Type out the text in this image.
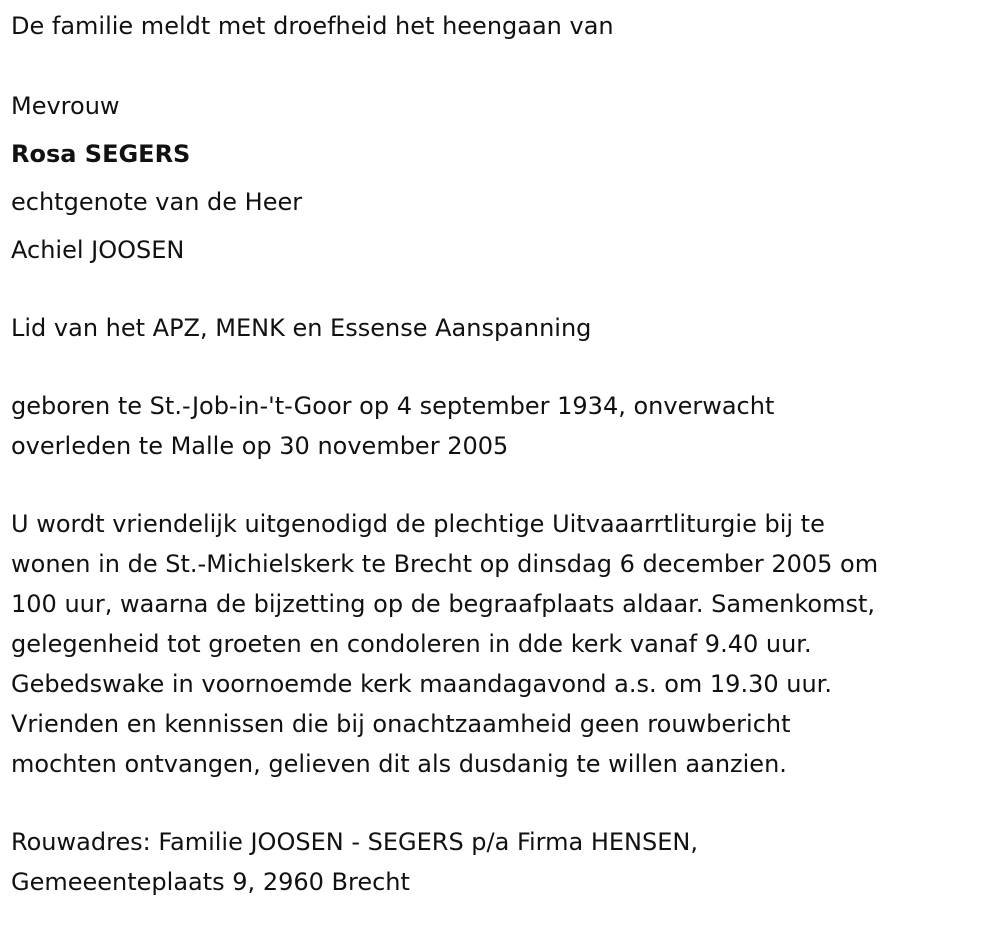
De familie meldt met droefheid het heengaan van
Mevrouw
Rosa SEGERS
echtgenote van de Heer
Achiel JOOSEN
Lid van het APZ, MENK en Essense Aanspanning
geboren te St.-Job-in-'t-Goor op 4 september 1934, onverwacht
overleden te Malle op 30 november 2005
U wordt vriendelijk uitgenodigd de plechtige Uitvaaarrtliturgie bij te
wonen in de St.-Michielskerk te Brecht op dinsdag 6 december 2005 om
100 uur, waarna de bijzetting op de begraafplaats aldaar. Samenkomst,
gelegenheid tot groeten en condoleren in dde kerk vanaf 9.40 uur.
Gebedswake in voornoemde kerk maandagavond a.s. om 19.30 uur.
Vrienden en kennissen die bij onachtzaamheid geen rouwbericht
mochten ontvangen, gelieven dit als dusdanig te willen aanzien.
Rouwadres: Familie JOOSEN - SEGERS p/a Firma HENSEN,
Gemeeenteplaats 9, 2960 Brecht
